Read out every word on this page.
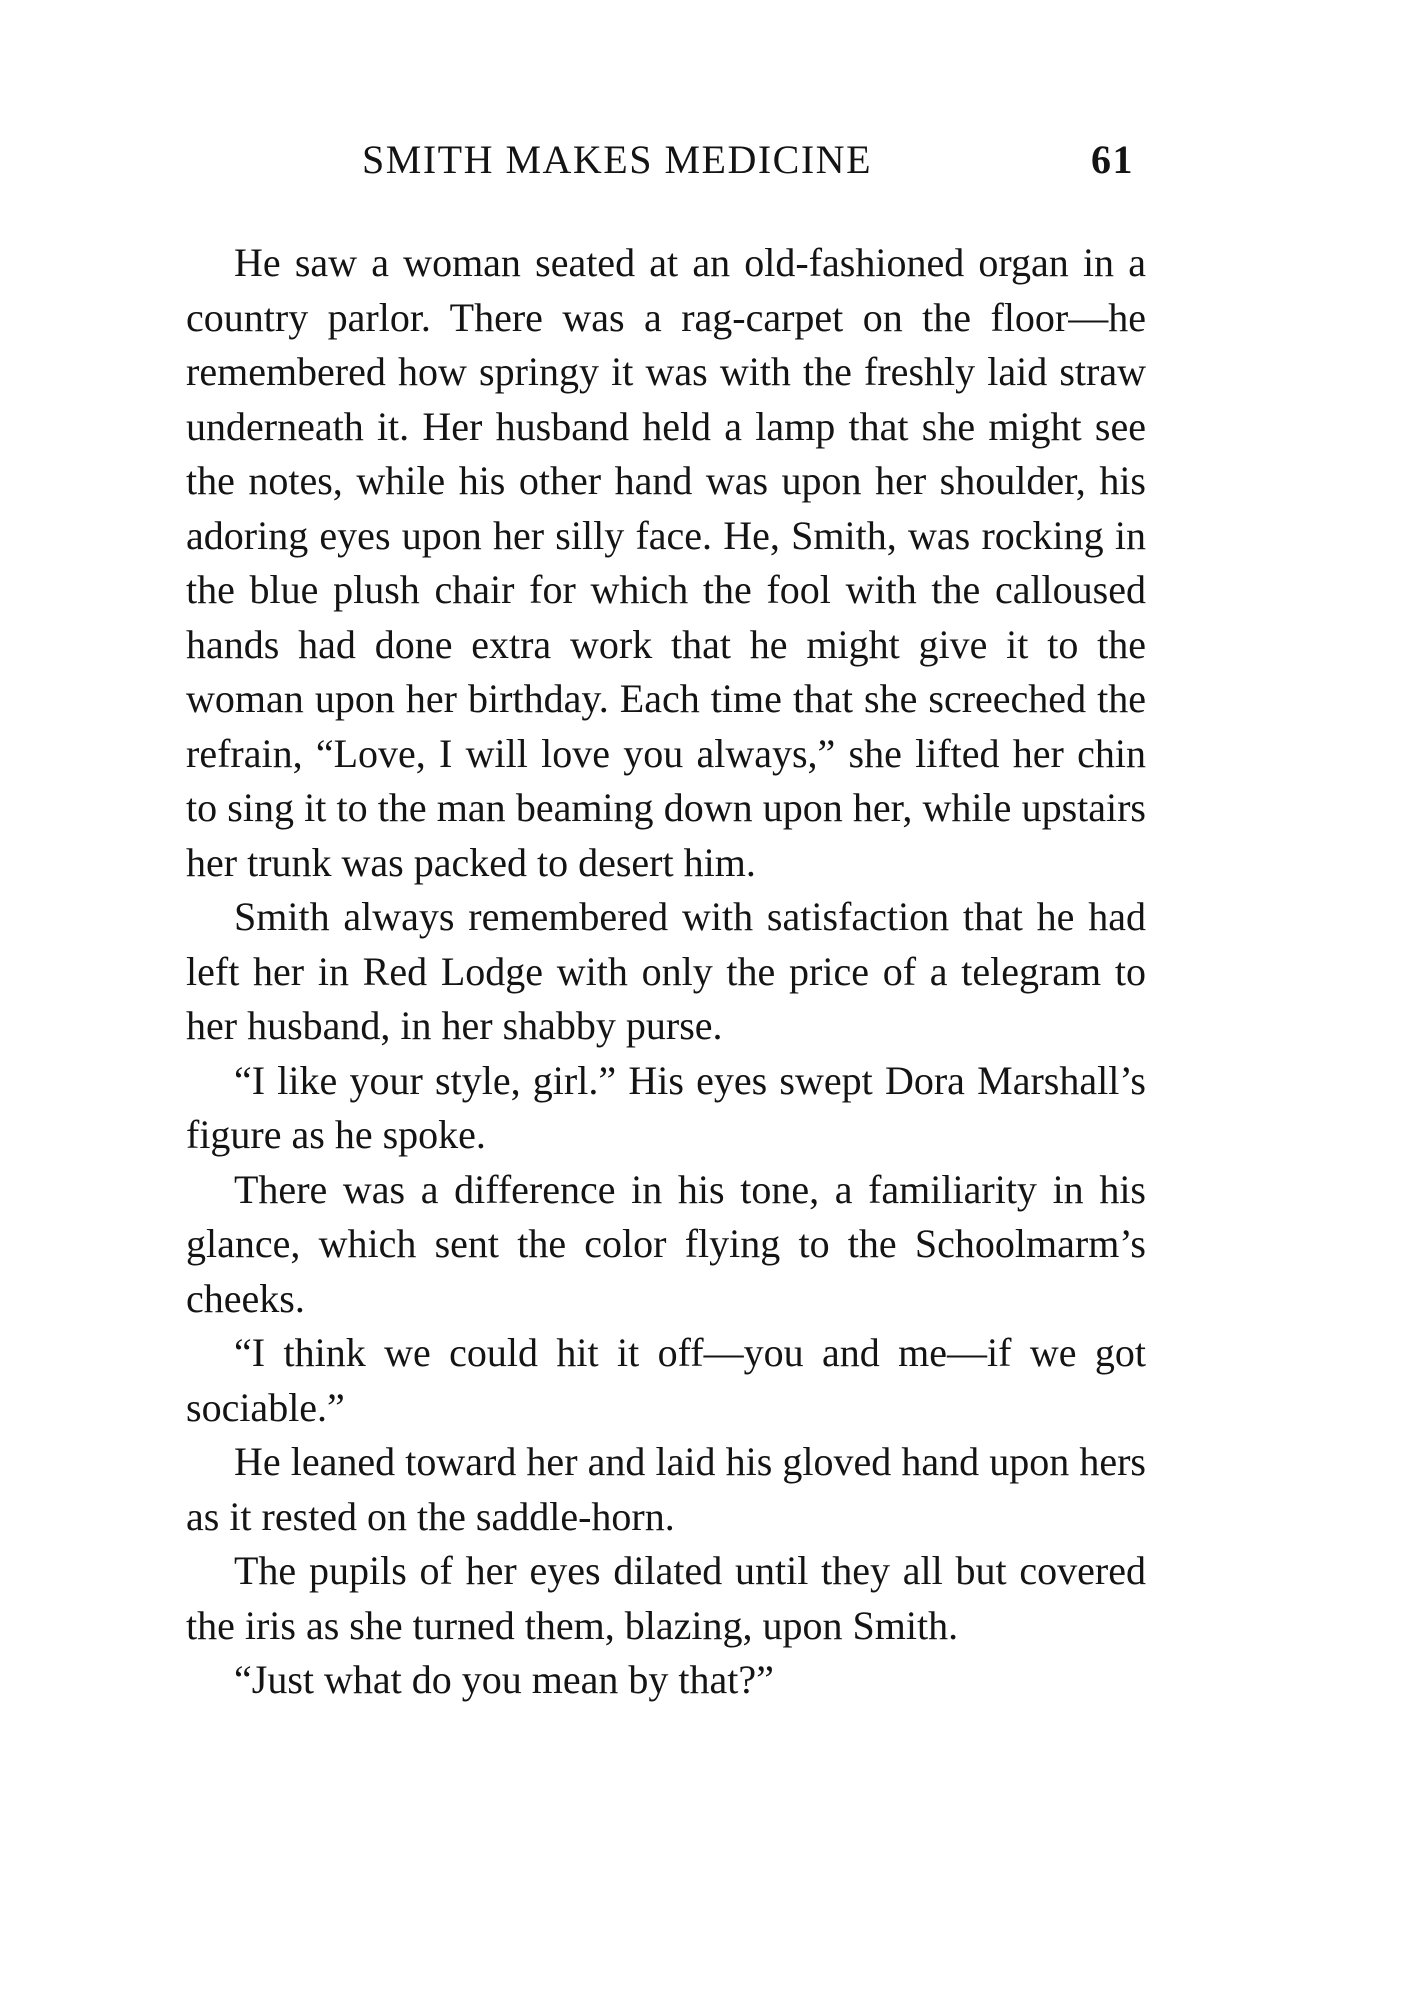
SMITH MAKES MEDICINE	61

He saw a woman seated at an old-fashioned organ in a country parlor. There was a rag-carpet on the floor—he remembered how springy it was with the freshly laid straw underneath it. Her husband held a lamp that she might see the notes, while his other hand was upon her shoulder, his adoring eyes upon her silly face. He, Smith, was rocking in the blue plush chair for which the fool with the calloused hands had done extra work that he might give it to the woman upon her birthday. Each time that she screeched the refrain, “Love, I will love you always,” she lifted her chin to sing it to the man beaming down upon her, while upstairs her trunk was packed to desert him.

Smith always remembered with satisfaction that he had left her in Red Lodge with only the price of a telegram to her husband, in her shabby purse.

“I like your style, girl.” His eyes swept Dora Marshall’s figure as he spoke.

There was a difference in his tone, a familiarity in his glance, which sent the color flying to the Schoolmarm’s cheeks.

“I think we could hit it off—you and me—if we got sociable.”

He leaned toward her and laid his gloved hand upon hers as it rested on the saddle-horn.

The pupils of her eyes dilated until they all but covered the iris as she turned them, blazing, upon Smith.

“Just what do you mean by that?”
